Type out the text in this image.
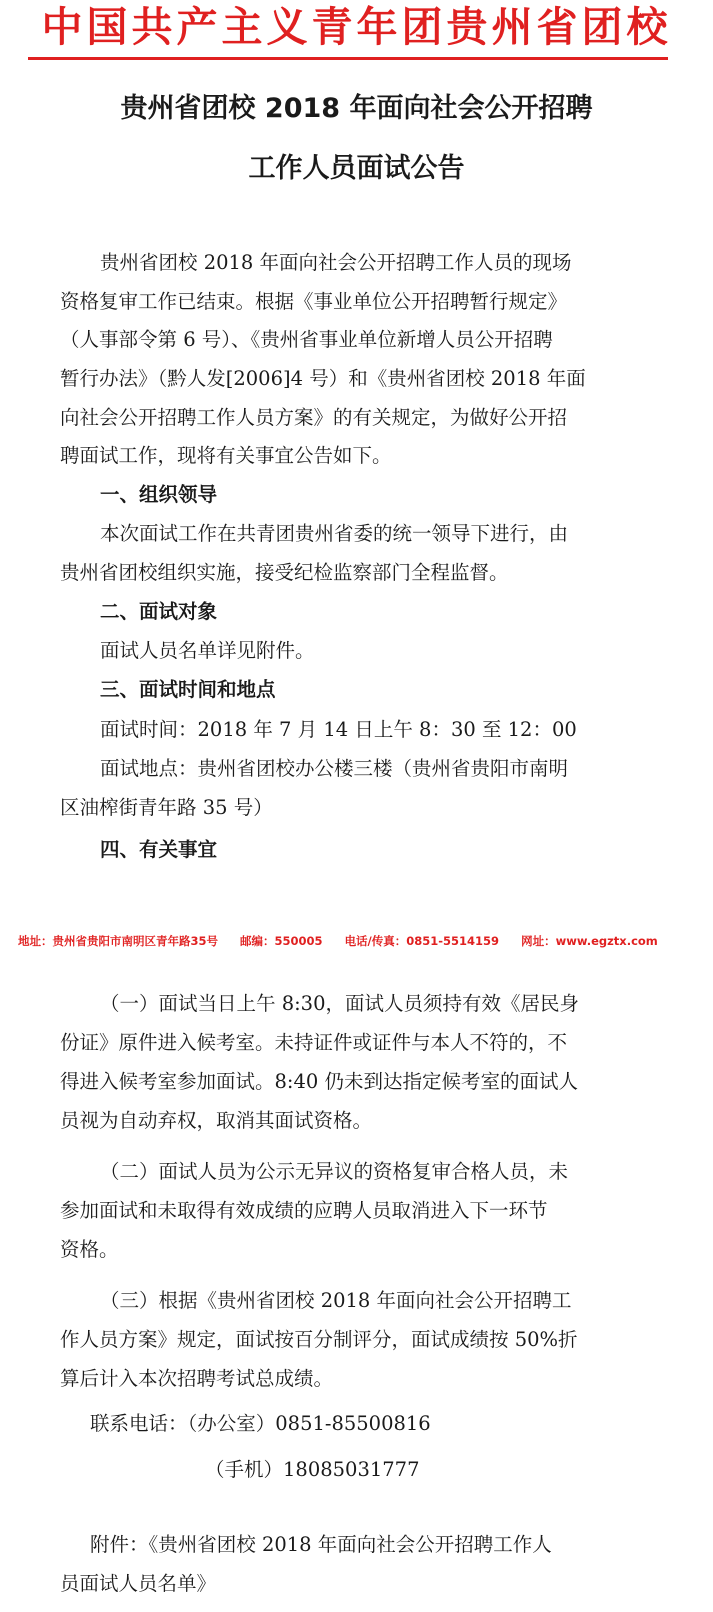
中国共产主义青年团贵州省团校
贵州省团校 2018 年面向社会公开招聘
工作人员面试公告
贵州省团校 2018 年面向社会公开招聘工作人员的现场
资格复审工作已结束。根据《事业单位公开招聘暂行规定》
（人事部令第 6 号）、《贵州省事业单位新增人员公开招聘
暂行办法》（黔人发[2006]4 号）和《贵州省团校 2018 年面
向社会公开招聘工作人员方案》的有关规定，为做好公开招
聘面试工作，现将有关事宜公告如下。
一、组织领导
本次面试工作在共青团贵州省委的统一领导下进行，由
贵州省团校组织实施，接受纪检监察部门全程监督。
二、面试对象
面试人员名单详见附件。
三、面试时间和地点
面试时间：2018 年 7 月 14 日上午 8：30 至 12：00
面试地点：贵州省团校办公楼三楼（贵州省贵阳市南明
区油榨街青年路 35 号）
四、有关事宜
地址：贵州省贵阳市南明区青年路35号 邮编：550005 电话/传真：0851-5514159 网址：www.egztx.com
（一）面试当日上午 8:30，面试人员须持有效《居民身
份证》原件进入候考室。未持证件或证件与本人不符的，不
得进入候考室参加面试。8:40 仍未到达指定候考室的面试人
员视为自动弃权，取消其面试资格。
（二）面试人员为公示无异议的资格复审合格人员，未
参加面试和未取得有效成绩的应聘人员取消进入下一环节
资格。
（三）根据《贵州省团校 2018 年面向社会公开招聘工
作人员方案》规定，面试按百分制评分，面试成绩按 50%折
算后计入本次招聘考试总成绩。
联系电话：（办公室）0851-85500816
（手机）18085031777
附件：《贵州省团校 2018 年面向社会公开招聘工作人
员面试人员名单》
